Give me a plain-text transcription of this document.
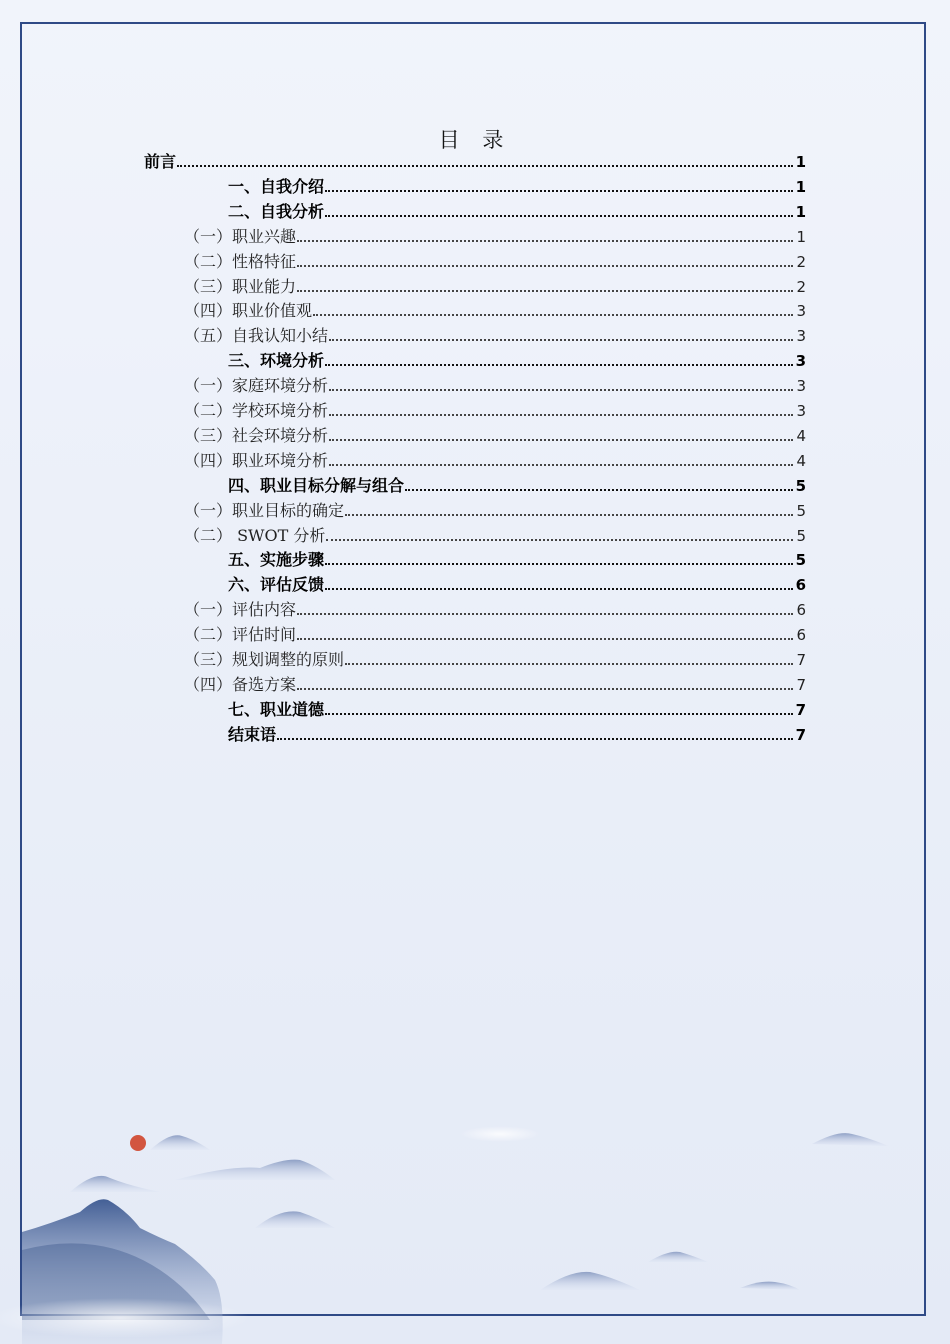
目 录
前言	1
一、自我介绍	1
二、自我分析	1
（一）职业兴趣	1
（二）性格特征	2
（三）职业能力	2
（四）职业价值观	3
（五）自我认知小结	3
三、环境分析	3
（一）家庭环境分析	3
（二）学校环境分析	3
（三）社会环境分析	4
（四）职业环境分析	4
四、职业目标分解与组合	5
（一）职业目标的确定	5
（二） SWOT 分析	5
五、实施步骤	5
六、评估反馈	6
（一）评估内容	6
（二）评估时间	6
（三）规划调整的原则	7
（四）备选方案	7
七、职业道德	7
结束语	7
